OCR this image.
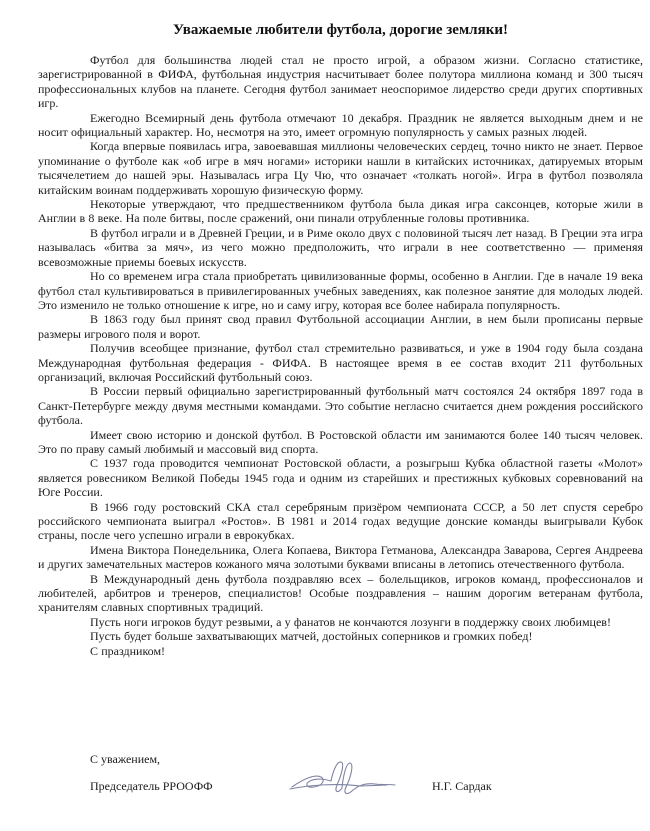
Уважаемые любители футбола, дорогие земляки!

Футбол для большинства людей стал не просто игрой, а образом жизни. Согласно статистике, зарегистрированной в ФИФА, футбольная индустрия насчитывает более полутора миллиона команд и 300 тысяч профессиональных клубов на планете. Сегодня футбол занимает неоспоримое лидерство среди других спортивных игр.

Ежегодно Всемирный день футбола отмечают 10 декабря. Праздник не является выходным днем и не носит официальный характер. Но, несмотря на это, имеет огромную популярность у самых разных людей.

Когда впервые появилась игра, завоевавшая миллионы человеческих сердец, точно никто не знает. Первое упоминание о футболе как «об игре в мяч ногами» историки нашли в китайских источниках, датируемых вторым тысячелетием до нашей эры. Называлась игра Цу Чю, что означает «толкать ногой». Игра в футбол позволяла китайским воинам поддерживать хорошую физическую форму.

Некоторые утверждают, что предшественником футбола была дикая игра саксонцев, которые жили в Англии в 8 веке. На поле битвы, после сражений, они пинали отрубленные головы противника.

В футбол играли и в Древней Греции, и в Риме около двух с половиной тысяч лет назад. В Греции эта игра называлась «битва за мяч», из чего можно предположить, что играли в нее соответственно — применяя всевозможные приемы боевых искусств.

Но со временем игра стала приобретать цивилизованные формы, особенно в Англии. Где в начале 19 века футбол стал культивироваться в привилегированных учебных заведениях, как полезное занятие для молодых людей. Это изменило не только отношение к игре, но и саму игру, которая все более набирала популярность.

В 1863 году был принят свод правил Футбольной ассоциации Англии, в нем были прописаны первые размеры игрового поля и ворот.

Получив всеобщее признание, футбол стал стремительно развиваться, и уже в 1904 году была создана Международная футбольная федерация - ФИФА. В настоящее время в ее состав входит 211 футбольных организаций, включая Российский футбольный союз.

В России первый официально зарегистрированный футбольный матч состоялся 24 октября 1897 года в Санкт-Петербурге между двумя местными командами. Это событие негласно считается днем рождения российского футбола.

Имеет свою историю и донской футбол. В Ростовской области им занимаются более 140 тысяч человек. Это по праву самый любимый и массовый вид спорта.

С 1937 года проводится чемпионат Ростовской области, а розыгрыш Кубка областной газеты «Молот» является ровесником Великой Победы 1945 года и одним из старейших и престижных кубковых соревнований на Юге России.

В 1966 году ростовский СКА стал серебряным призёром чемпионата СССР, а 50 лет спустя серебро российского чемпионата выиграл «Ростов». В 1981 и 2014 годах ведущие донские команды выигрывали Кубок страны, после чего успешно играли в еврокубках.

Имена Виктора Понедельника, Олега Копаева, Виктора Гетманова, Александра Заварова, Сергея Андреева и других замечательных мастеров кожаного мяча золотыми буквами вписаны в летопись отечественного футбола.

В Международный день футбола поздравляю всех – болельщиков, игроков команд, профессионалов и любителей, арбитров и тренеров, специалистов! Особые поздравления – нашим дорогим ветеранам футбола, хранителям славных спортивных традиций.

Пусть ноги игроков будут резвыми, а у фанатов не кончаются лозунги в поддержку своих любимцев!

Пусть будет больше захватывающих матчей, достойных соперников и громких побед!

С праздником!

С уважением,

Председатель РРООФФ	Н.Г. Сардак
